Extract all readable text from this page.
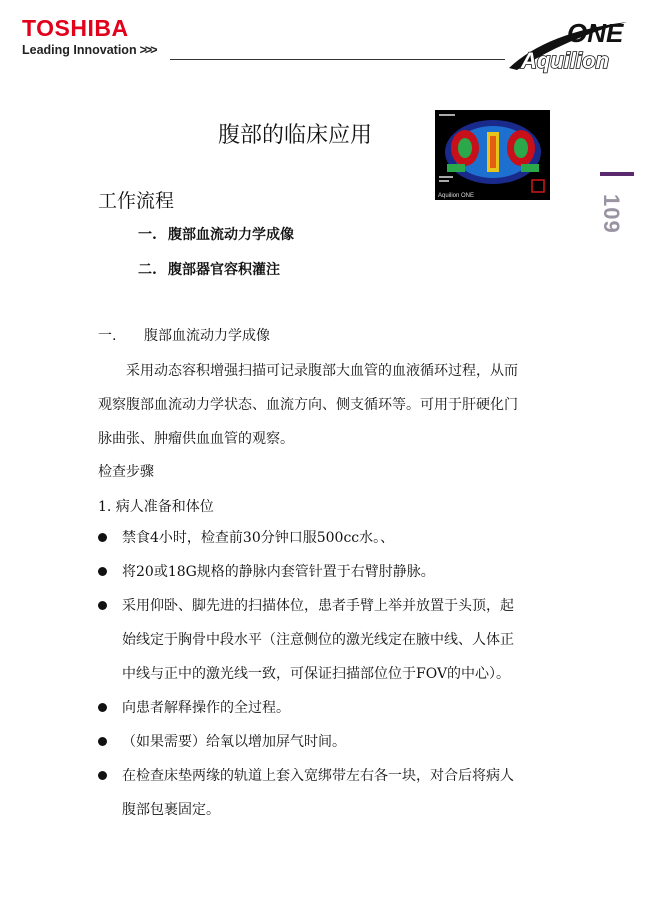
TOSHIBA
Leading Innovation >>>
ONE
Aquilion
109
Aquilion ONE
腹部的临床应用
工作流程
一. 腹部血流动力学成像
二. 腹部器官容积灌注
一. 腹部血流动力学成像

采用动态容积增强扫描可记录腹部大血管的血液循环过程，从而

观察腹部血流动力学状态、血流方向、侧支循环等。可用于肝硬化门

脉曲张、肿瘤供血血管的观察。

检查步骤
1. 病人准备和体位
禁食4小时，检查前30分钟口服500cc水。、
将20或18G规格的静脉内套管针置于右臂肘静脉。
采用仰卧、脚先进的扫描体位，患者手臂上举并放置于头顶，起
始线定于胸骨中段水平（注意侧位的激光线定在腋中线、人体正
中线与正中的激光线一致，可保证扫描部位位于FOV的中心）。
向患者解释操作的全过程。
（如果需要）给氧以增加屏气时间。
在检查床垫两缘的轨道上套入宽绑带左右各一块，对合后将病人
腹部包裹固定。
